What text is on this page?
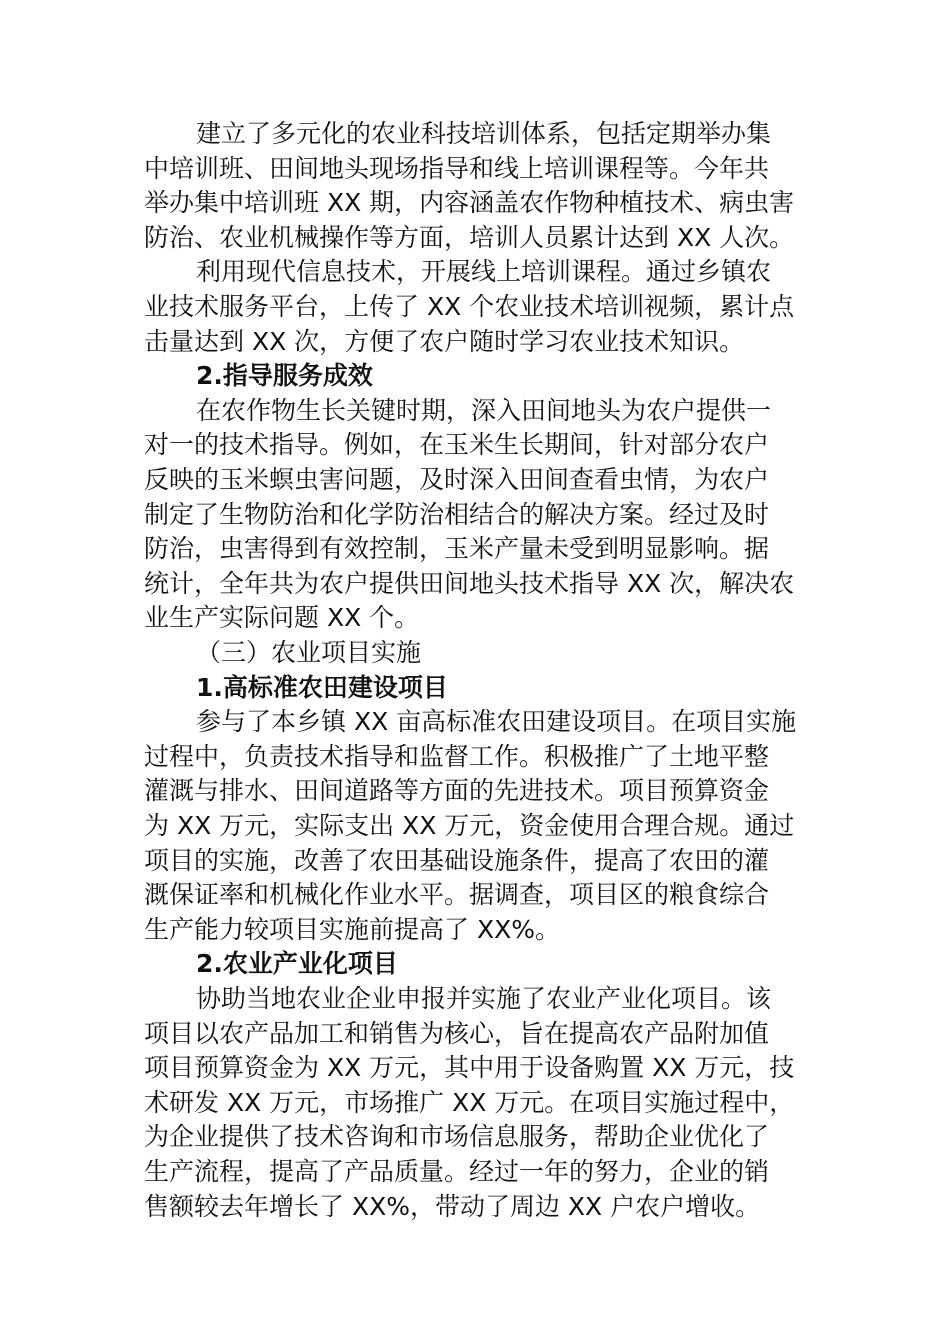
建立了多元化的农业科技培训体系，包括定期举办集
中培训班、田间地头现场指导和线上培训课程等。今年共
举办集中培训班 XX 期，内容涵盖农作物种植技术、病虫害
防治、农业机械操作等方面，培训人员累计达到 XX 人次。
利用现代信息技术，开展线上培训课程。通过乡镇农
业技术服务平台，上传了 XX 个农业技术培训视频，累计点
击量达到 XX 次，方便了农户随时学习农业技术知识。
2.指导服务成效
在农作物生长关键时期，深入田间地头为农户提供一
对一的技术指导。例如，在玉米生长期间，针对部分农户
反映的玉米螟虫害问题，及时深入田间查看虫情，为农户
制定了生物防治和化学防治相结合的解决方案。经过及时
防治，虫害得到有效控制，玉米产量未受到明显影响。据
统计，全年共为农户提供田间地头技术指导 XX 次，解决农
业生产实际问题 XX 个。
（三）农业项目实施
1.高标准农田建设项目
参与了本乡镇 XX 亩高标准农田建设项目。在项目实施
过程中，负责技术指导和监督工作。积极推广了土地平整
灌溉与排水、田间道路等方面的先进技术。项目预算资金
为 XX 万元，实际支出 XX 万元，资金使用合理合规。通过
项目的实施，改善了农田基础设施条件，提高了农田的灌
溉保证率和机械化作业水平。据调查，项目区的粮食综合
生产能力较项目实施前提高了 XX%。
2.农业产业化项目
协助当地农业企业申报并实施了农业产业化项目。该
项目以农产品加工和销售为核心，旨在提高农产品附加值
项目预算资金为 XX 万元，其中用于设备购置 XX 万元，技
术研发 XX 万元，市场推广 XX 万元。在项目实施过程中，
为企业提供了技术咨询和市场信息服务，帮助企业优化了
生产流程，提高了产品质量。经过一年的努力，企业的销
售额较去年增长了 XX%，带动了周边 XX 户农户增收。
